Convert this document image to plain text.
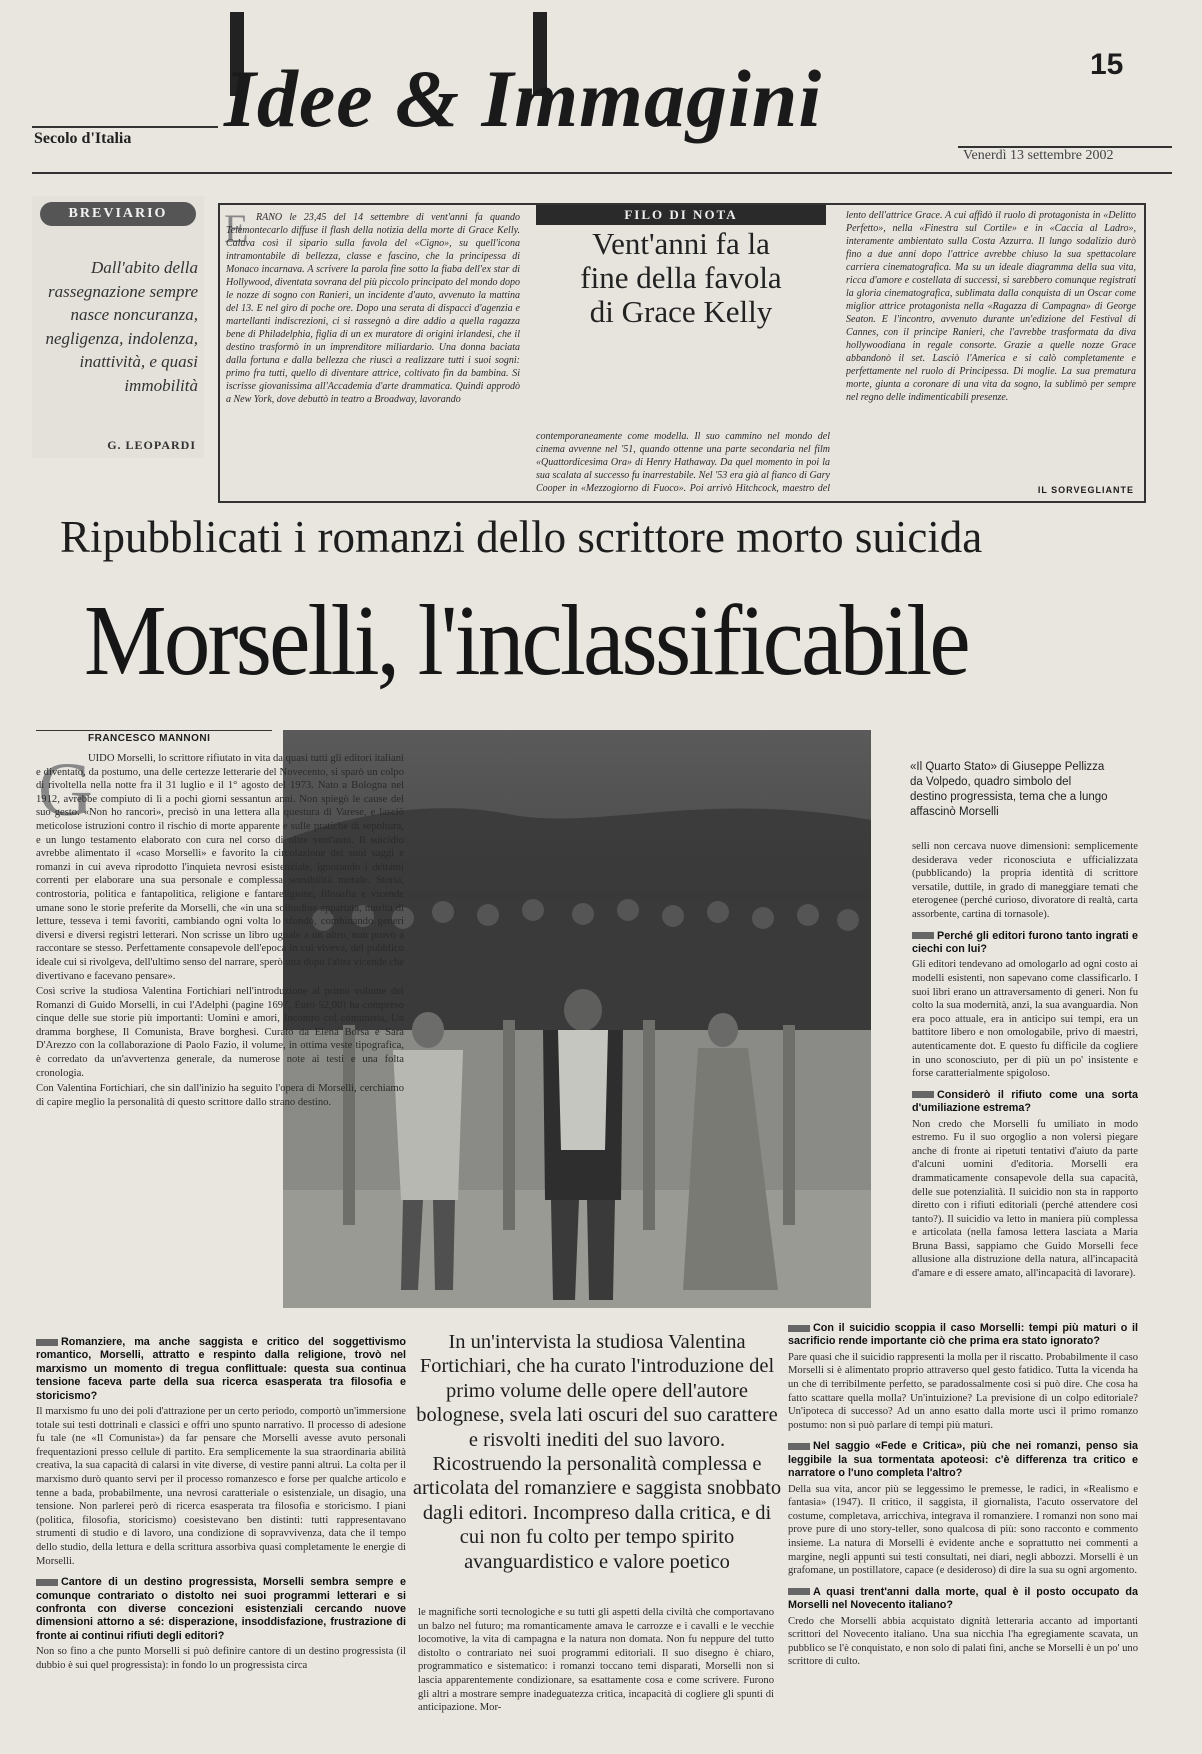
Idee & Immagini
Secolo d'Italia
15
Venerdì 13 settembre 2002
BREVIARIO
Dall'abito della rassegnazione sempre nasce noncuranza, negligenza, indolenza, inattività, e quasi immobilità
G. LEOPARDI
E RANO le 23,45 del 14 settembre di vent'anni fa quando Telemontecarlo diffuse il flash della notizia della morte di Grace Kelly. Calava così il sipario sulla favola del «Cigno», su quell'icona intramontabile di bellezza, classe e fascino, che la principessa di Monaco incarnava. A scrivere la parola fine sotto la fiaba dell'ex star di Hollywood, diventata sovrana del più piccolo principato del mondo dopo le nozze di sogno con Ranieri, un incidente d'auto, avvenuto la mattina del 13. E nel giro di poche ore. Dopo una serata di dispacci d'agenzia e martellanti indiscrezioni, ci si rassegnò a dire addio a quella ragazza bene di Philadelphia, figlia di un ex muratore di origini irlandesi, che il destino trasformò in un imprenditore miliardario. Una donna baciata dalla fortuna e dalla bellezza che riuscì a realizzare tutti i suoi sogni: primo fra tutti, quello di diventare attrice, coltivato fin da bambina. Si iscrisse giovanissima all'Accademia d'arte drammatica. Quindi approdò a New York, dove debuttò in teatro a Broadway, lavorando
FILO DI NOTA
Vent'anni fa la fine della favola di Grace Kelly
contemporaneamente come modella. Il suo cammino nel mondo del cinema avvenne nel '51, quando ottenne una parte secondaria nel film «Quattordicesima Ora» di Henry Hathaway. Da quel momento in poi la sua scalata al successo fu inarrestabile. Nel '53 era già al fianco di Gary Cooper in «Mezzogiorno di Fuoco». Poi arrivò Hitchcock, maestro del
lento dell'attrice Grace. A cui affidò il ruolo di protagonista in «Delitto Perfetto», nella «Finestra sul Cortile» e in «Caccia al Ladro», interamente ambientato sulla Costa Azzurra. Il lungo sodalizio durò fino a due anni dopo l'attrice avrebbe chiuso la sua spettacolare carriera cinematografica. Ma su un ideale diagramma della sua vita, ricca d'amore e costellata di successi, si sarebbero comunque registrati la gloria cinematografica, sublimata dalla conquista di un Oscar come miglior attrice protagonista nella «Ragazza di Campagna» di George Seaton. E l'incontro, avvenuto durante un'edizione del Festival di Cannes, con il principe Ranieri, che l'avrebbe trasformata da diva hollywoodiana in regale consorte. Grazie a quelle nozze Grace abbandonò il set. Lasciò l'America e si calò completamente e perfettamente nel ruolo di Principessa. Di moglie. La sua prematura morte, giunta a coronare di una vita da sogno, la sublimò per sempre nel regno delle indimenticabili presenze.
IL SORVEGLIANTE
Ripubblicati i romanzi dello scrittore morto suicida
Morselli, l'inclassificabile
FRANCESCO MANNONI
G

UIDO Morselli, lo scrittore rifiutato in vita da quasi tutti gli editori italiani e diventato, da postumo, una delle certezze letterarie del Novecento, si sparò un colpo di rivoltella nella notte fra il 31 luglio e il 1° agosto del 1973. Nato a Bologna nel 1912, avrebbe compiuto di lì a pochi giorni sessantun anni. Non spiegò le cause del suo gesto. «Non ho rancori», precisò in una lettera alla questura di Varese, e lasciò meticolose istruzioni contro il rischio di morte apparente e sulle pratiche di sepoltura, e un lungo testamento elaborato con cura nel corso di oltre vent'anni. Il suicidio avrebbe alimentato il «caso Morselli» e favorito la circolazione dei suoi saggi e romanzi in cui aveva riprodotto l'inquieta nevrosi esistenziale, ignorando i dettami correnti per elaborare una sua personale e complessa sensibilità morale. Storia, controstoria, politica e fantapolitica, religione e fantareligione, filosofia e vicende umane sono le storie preferite da Morselli, che «in una solitudine appartata, nutrita di letture, tesseva i temi favoriti, cambiando ogni volta lo sfondo, combinando generi diversi e diversi registri letterari. Non scrisse un libro uguale a un altro, non provò a raccontare se stesso. Perfettamente consapevole dell'epoca in cui viveva, del pubblico ideale cui si rivolgeva, dell'ultimo senso del narrare, sperò una dopo l'altra vicende che divertivano e facevano pensare».

Così scrive la studiosa Valentina Fortichiari nell'introduzione al primo volume dei Romanzi di Guido Morselli, in cui l'Adelphi (pagine 1697, Euro 52,00) ha compreso cinque delle sue storie più importanti: Uomini e amori, Incontro col comunista, Un dramma borghese, Il Comunista, Brave borghesi. Curato da Elena Borsa e Sara D'Arezzo con la collaborazione di Paolo Fazio, il volume, in ottima veste tipografica, è corredato da un'avvertenza generale, da numerose note ai testi e una folta cronologia.

Con Valentina Fortichiari, che sin dall'inizio ha seguito l'opera di Morselli, cerchiamo di capire meglio la personalità di questo scrittore dallo strano destino.

In un'intervista la studiosa Valentina Fortichiari, che ha curato l'introduzione del primo volume delle opere dell'autore bolognese, svela lati oscuri del suo carattere e risvolti inediti del suo lavoro. Ricostruendo la personalità complessa e articolata del romanziere e saggista snobbato dagli editori. Incompreso dalla critica, e di cui non fu colto per tempo spirito avanguardistico e valore poetico
Romanziere, ma anche saggista e critico del soggettivismo romantico, Morselli, attratto e respinto dalla religione, trovò nel marxismo un momento di tregua conflittuale: questa sua continua tensione faceva parte della sua ricerca esasperata tra filosofia e storicismo?

Il marxismo fu uno dei poli d'attrazione per un certo periodo, comportò un'immersione totale sui testi dottrinali e classici e offrì uno spunto narrativo. Il processo di adesione fu tale (ne «Il Comunista») da far pensare che Morselli avesse avuto personali frequentazioni presso cellule di partito. Era semplicemente la sua straordinaria abilità creativa, la sua capacità di calarsi in vite diverse, di vestire panni altrui. La colta per il marxismo durò quanto servì per il processo romanzesco e forse per qualche articolo e tenne a bada, probabilmente, una nevrosi caratteriale o esistenziale, un disagio, una tensione. Non parlerei però di ricerca esasperata tra filosofia e storicismo. I piani (politica, filosofia, storicismo) coesistevano ben distinti: tutti rappresentavano strumenti di studio e di lavoro, una condizione di sopravvivenza, data che il tempo dello studio, della lettura e della scrittura assorbiva quasi completamente le energie di Morselli.

Cantore di un destino progressista, Morselli sembra sempre e comunque contrariato o distolto nei suoi programmi letterari e si confronta con diverse concezioni esistenziali cercando nuove dimensioni attorno a sé: disperazione, insoddisfazione, frustrazione di fronte ai continui rifiuti degli editori?

Non so fino a che punto Morselli si può definire cantore di un destino progressista (il dubbio è sui quel progressista): in fondo lo un progressista circa

le magnifiche sorti tecnologiche e su tutti gli aspetti della civiltà che comportavano un balzo nel futuro; ma romanticamente amava le carrozze e i cavalli e le vecchie locomotive, la vita di campagna e la natura non domata. Non fu neppure del tutto distolto o contrariato nei suoi programmi editoriali. Il suo disegno è chiaro, programmatico e sistematico: i romanzi toccano temi disparati, Morselli non si lascia apparentemente condizionare, sa esattamente cosa e come scrivere. Furono gli altri a mostrare sempre inadeguatezza critica, incapacità di cogliere gli spunti di anticipazione. Mor-
«Il Quarto Stato» di Giuseppe Pellizza da Volpedo, quadro simbolo del destino progressista, tema che a lungo affascinò Morselli

selli non cercava nuove dimensioni: semplicemente desiderava veder riconosciuta e ufficializzata (pubblicando) la propria identità di scrittore versatile, duttile, in grado di maneggiare temati che eterogenee (perché curioso, divoratore di realtà, carta assorbente, cartina di tornasole).

Perché gli editori furono tanto ingrati e ciechi con lui?

Gli editori tendevano ad omologarlo ad ogni costo ai modelli esistenti, non sapevano come classificarlo. I suoi libri erano un attraversamento di generi. Non fu colto la sua modernità, anzi, la sua avanguardia. Non era poco attuale, era in anticipo sui tempi, era un battitore libero e non omologabile, privo di maestri, autenticamente dot. E questo fu difficile da cogliere in uno sconosciuto, per di più un po' insistente e forse caratterialmente spigoloso.

Considerò il rifiuto come una sorta d'umiliazione estrema?

Non credo che Morselli fu umiliato in modo estremo. Fu il suo orgoglio a non volersi piegare anche di fronte ai ripetuti tentativi d'aiuto da parte d'alcuni uomini d'editoria. Morselli era drammaticamente consapevole della sua capacità, delle sue potenzialità. Il suicidio non sta in rapporto diretto con i rifiuti editoriali (perché attendere così tanto?). Il suicidio va letto in maniera più complessa e articolata (nella famosa lettera lasciata a Maria Bruna Bassi, sappiamo che Guido Morselli fece allusione alla distruzione della natura, all'incapacità d'amare e di essere amato, all'incapacità di lavorare).

Con il suicidio scoppia il caso Morselli: tempi più maturi o il sacrificio rende importante ciò che prima era stato ignorato?

Pare quasi che il suicidio rappresenti la molla per il riscatto. Probabilmente il caso Morselli si è alimentato proprio attraverso quel gesto fatidico. Tutta la vicenda ha un che di terribilmente perfetto, se paradossalmente così si può dire. Che cosa ha fatto scattare quella molla? Un'intuizione? La previsione di un colpo editoriale? Un'ipoteca di successo? Ad un anno esatto dalla morte uscì il primo romanzo postumo: non si può parlare di tempi più maturi.

Nel saggio «Fede e Critica», più che nei romanzi, penso sia leggibile la sua tormentata apoteosi: c'è differenza tra critico e narratore o l'uno completa l'altro?

Della sua vita, ancor più se leggessimo le premesse, le radici, in «Realismo e fantasia» (1947). Il critico, il saggista, il giornalista, l'acuto osservatore del costume, completava, arricchiva, integrava il romanziere. I romanzi non sono mai prove pure di uno story-teller, sono qualcosa di più: sono racconto e commento insieme. La natura di Morselli è evidente anche e soprattutto nei commenti a margine, negli appunti sui testi consultati, nei diari, negli abbozzi. Morselli è un grafomane, un postillatore, capace (e desideroso) di dire la sua su ogni argomento.

A quasi trent'anni dalla morte, qual è il posto occupato da Morselli nel Novecento italiano?

Credo che Morselli abbia acquistato dignità letteraria accanto ad importanti scrittori del Novecento italiano. Una sua nicchia l'ha egregiamente scavata, un pubblico se l'è conquistato, e non solo di palati fini, anche se Morselli è un po' uno scrittore di culto.
